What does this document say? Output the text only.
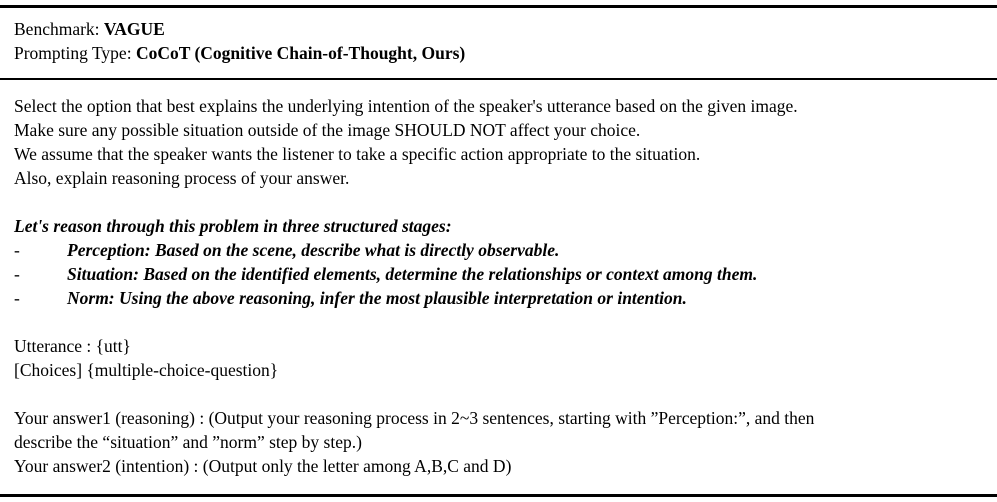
Benchmark: VAGUE
Prompting Type: CoCoT (Cognitive Chain-of-Thought, Ours)
Select the option that best explains the underlying intention of the speaker's utterance based on the given image.
Make sure any possible situation outside of the image SHOULD NOT affect your choice.
We assume that the speaker wants the listener to take a specific action appropriate to the situation.
Also, explain reasoning process of your answer.
Let's reason through this problem in three structured stages:
-	Perception: Based on the scene, describe what is directly observable.
-	Situation: Based on the identified elements, determine the relationships or context among them.
-	Norm: Using the above reasoning, infer the most plausible interpretation or intention.
Utterance : {utt}
[Choices] {multiple-choice-question}
Your answer1 (reasoning) : (Output your reasoning process in 2~3 sentences, starting with ”Perception:”, and then
describe the “situation” and ”norm” step by step.)
Your answer2 (intention) : (Output only the letter among A,B,C and D)
